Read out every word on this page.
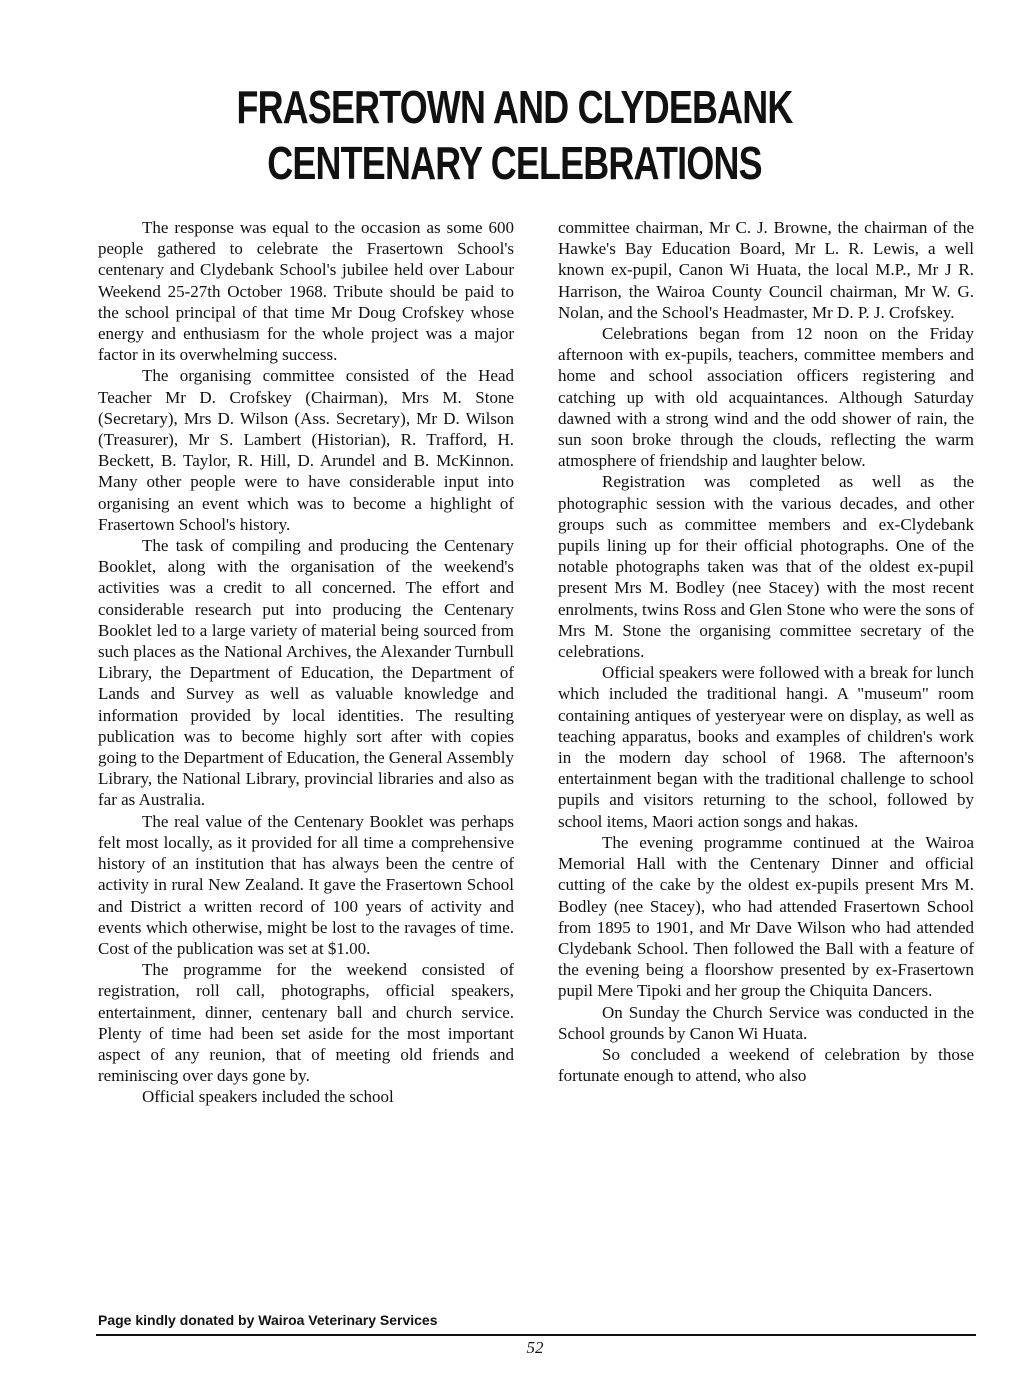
FRASERTOWN AND CLYDEBANK
CENTENARY CELEBRATIONS

The response was equal to the occasion as some 600 people gathered to celebrate the Frasertown School's centenary and Clydebank School's jubilee held over Labour Weekend 25-27th October 1968. Tribute should be paid to the school principal of that time Mr Doug Crofskey whose energy and enthusiasm for the whole project was a major factor in its overwhelming success.

The organising committee consisted of the Head Teacher Mr D. Crofskey (Chairman), Mrs M. Stone (Secretary), Mrs D. Wilson (Ass. Secretary), Mr D. Wilson (Treasurer), Mr S. Lambert (Historian), R. Trafford, H. Beckett, B. Taylor, R. Hill, D. Arundel and B. McKinnon. Many other people were to have considerable input into organising an event which was to become a highlight of Frasertown School's history.

The task of compiling and producing the Centenary Booklet, along with the organisation of the weekend's activities was a credit to all concerned. The effort and considerable research put into producing the Centenary Booklet led to a large variety of material being sourced from such places as the National Archives, the Alexander Turnbull Library, the Department of Education, the Department of Lands and Survey as well as valuable knowledge and information provided by local identities. The resulting publication was to become highly sort after with copies going to the Department of Education, the General Assembly Library, the National Library, provincial libraries and also as far as Australia.

The real value of the Centenary Booklet was perhaps felt most locally, as it provided for all time a comprehensive history of an institution that has always been the centre of activity in rural New Zealand. It gave the Frasertown School and District a written record of 100 years of activity and events which otherwise, might be lost to the ravages of time. Cost of the publication was set at $1.00.

The programme for the weekend consisted of registration, roll call, photographs, official speakers, entertainment, dinner, centenary ball and church service. Plenty of time had been set aside for the most important aspect of any reunion, that of meeting old friends and reminiscing over days gone by.

Official speakers included the school

committee chairman, Mr C. J. Browne, the chairman of the Hawke's Bay Education Board, Mr L. R. Lewis, a well known ex-pupil, Canon Wi Huata, the local M.P., Mr J R. Harrison, the Wairoa County Council chairman, Mr W. G. Nolan, and the School's Headmaster, Mr D. P. J. Crofskey.

Celebrations began from 12 noon on the Friday afternoon with ex-pupils, teachers, committee members and home and school association officers registering and catching up with old acquaintances. Although Saturday dawned with a strong wind and the odd shower of rain, the sun soon broke through the clouds, reflecting the warm atmosphere of friendship and laughter below.

Registration was completed as well as the photographic session with the various decades, and other groups such as committee members and ex-Clydebank pupils lining up for their official photographs. One of the notable photographs taken was that of the oldest ex-pupil present Mrs M. Bodley (nee Stacey) with the most recent enrolments, twins Ross and Glen Stone who were the sons of Mrs M. Stone the organising committee secretary of the celebrations.

Official speakers were followed with a break for lunch which included the traditional hangi. A "museum" room containing antiques of yesteryear were on display, as well as teaching apparatus, books and examples of children's work in the modern day school of 1968. The afternoon's entertainment began with the traditional challenge to school pupils and visitors returning to the school, followed by school items, Maori action songs and hakas.

The evening programme continued at the Wairoa Memorial Hall with the Centenary Dinner and official cutting of the cake by the oldest ex-pupils present Mrs M. Bodley (nee Stacey), who had attended Frasertown School from 1895 to 1901, and Mr Dave Wilson who had attended Clydebank School. Then followed the Ball with a feature of the evening being a floorshow presented by ex-Frasertown pupil Mere Tipoki and her group the Chiquita Dancers.

On Sunday the Church Service was conducted in the School grounds by Canon Wi Huata.

So concluded a weekend of celebration by those fortunate enough to attend, who also

Page kindly donated by Wairoa Veterinary Services
52
